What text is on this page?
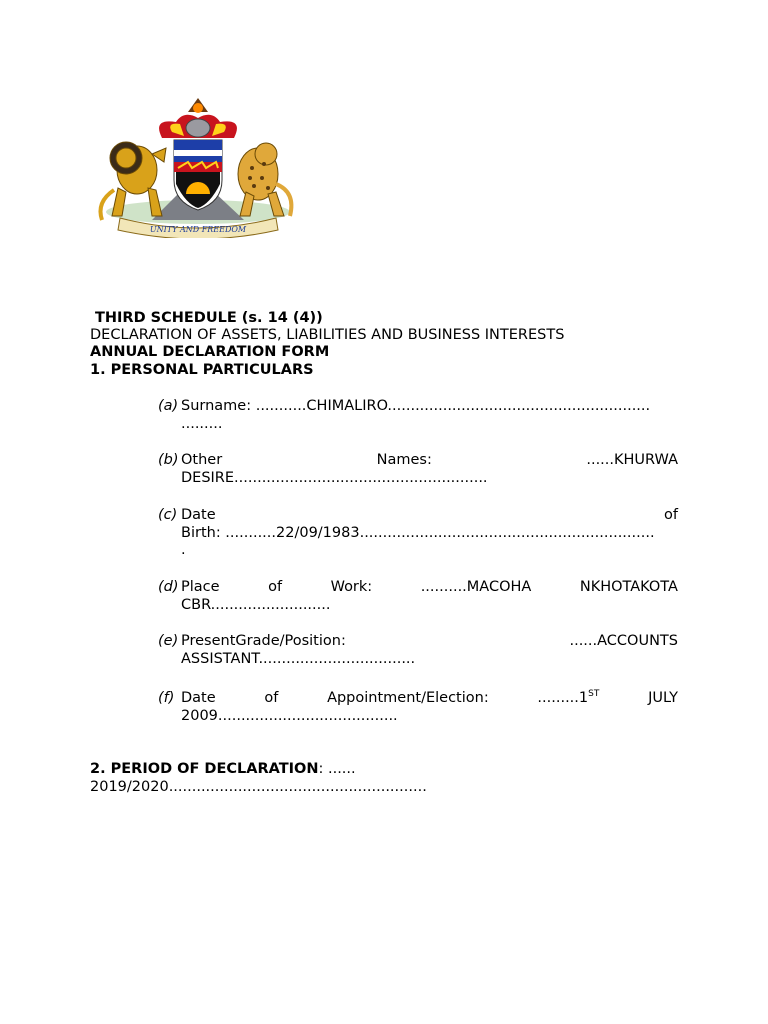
UNITY AND FREEDOM
THIRD SCHEDULE (s. 14 (4))
DECLARATION OF ASSETS, LIABILITIES AND BUSINESS INTERESTS
ANNUAL DECLARATION FORM
1. PERSONAL PARTICULARS
(a) Surname: ...........CHIMALIRO.........................................................
.........
(b) Other	Names:	......KHURWA
DESIRE.......................................................
(c) Date	of
Birth: ...........22/09/1983................................................................
.
(d) Place	of	Work:	..........MACOHA	NKHOTAKOTA
CBR..........................
(e) PresentGrade/Position:	......ACCOUNTS
ASSISTANT..................................
(f) Date	of	Appointment/Election:	.........1ST	JULY
2009.......................................
2. PERIOD OF DECLARATION: ......
2019/2020........................................................
